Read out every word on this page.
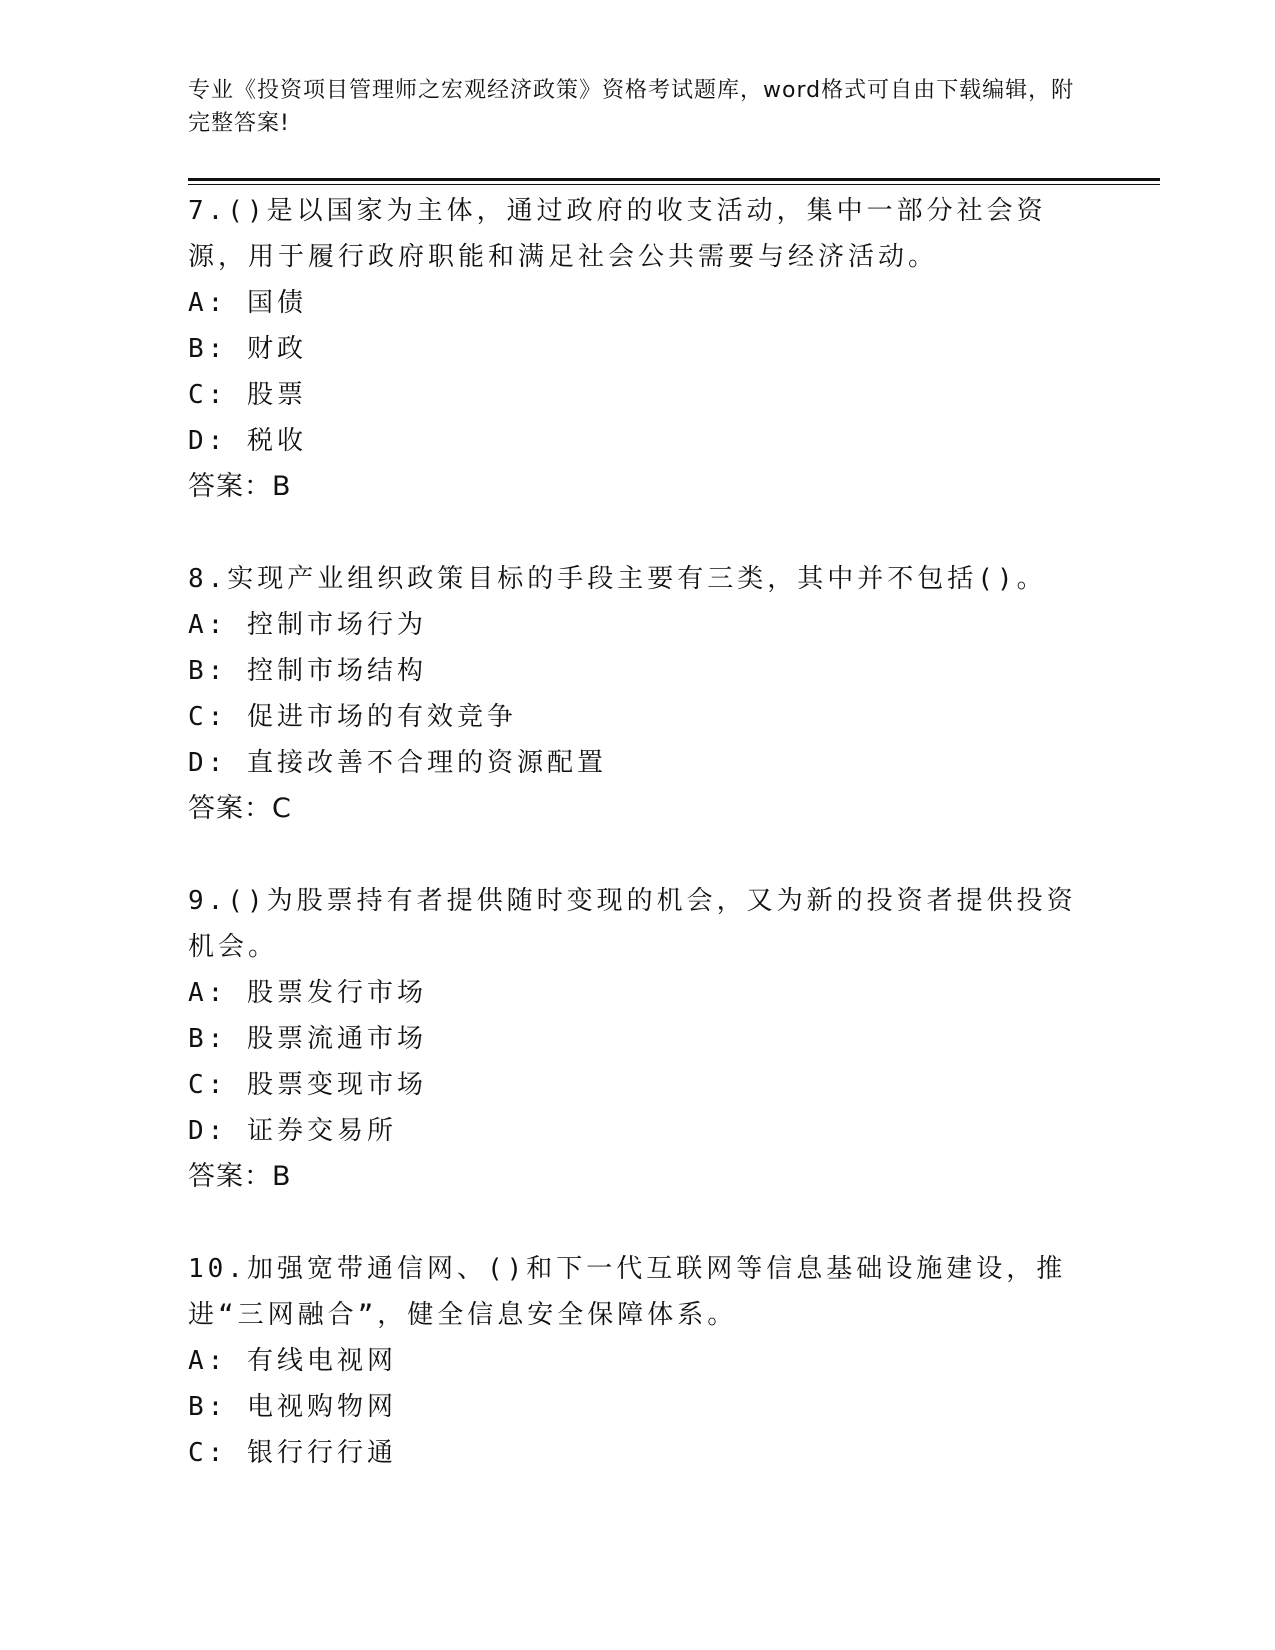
专业《投资项目管理师之宏观经济政策》资格考试题库，word格式可自由下载编辑，附完整答案!
7.()是以国家为主体，通过政府的收支活动，集中一部分社会资源，用于履行政府职能和满足社会公共需要与经济活动。
A: 国债
B: 财政
C: 股票
D: 税收
答案：B
8.实现产业组织政策目标的手段主要有三类，其中并不包括()。
A: 控制市场行为
B: 控制市场结构
C: 促进市场的有效竞争
D: 直接改善不合理的资源配置
答案：C
9.()为股票持有者提供随时变现的机会，又为新的投资者提供投资机会。
A: 股票发行市场
B: 股票流通市场
C: 股票变现市场
D: 证券交易所
答案：B
10.加强宽带通信网、()和下一代互联网等信息基础设施建设，推进“三网融合”，健全信息安全保障体系。
A: 有线电视网
B: 电视购物网
C: 银行行行通
